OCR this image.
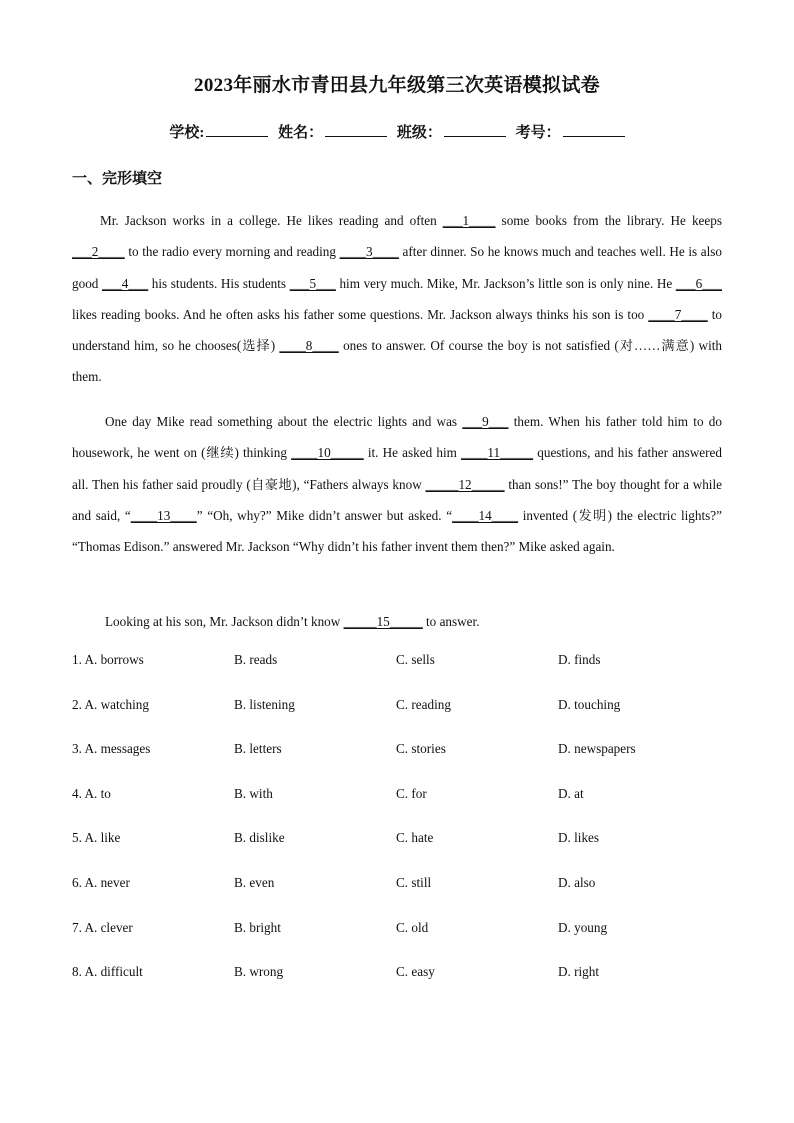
2023年丽水市青田县九年级第三次英语模拟试卷
学校:	姓名：	班级：	考号：
一、完形填空
Mr. Jackson works in a college. He likes reading and often ___1____ some books from the library. He keeps ___2____ to the radio every morning and reading ____3____ after dinner. So he knows much and teaches well. He is also good ___4___ his students. His students ___5___ him very much. Mike, Mr. Jackson’s little son is only nine. He ___6___ likes reading books. And he often asks his father some questions. Mr. Jackson always thinks his son is too ____7____ to understand him, so he chooses(选择) ____8____ ones to answer. Of course the boy is not satisfied (对……满意) with them.
One day Mike read something about the electric lights and was ___9___ them. When his father told him to do housework, he went on (继续) thinking ____10_____ it. He asked him ____11_____ questions, and his father answered all. Then his father said proudly (自豪地), “Fathers always know _____12_____ than sons!” The boy thought for a while and said, “____13____” “Oh, why?” Mike didn’t answer but asked. “____14____ invented (发明) the electric lights?” “Thomas Edison.” answered Mr. Jackson “Why didn’t his father invent them then?” Mike asked again.
Looking at his son, Mr. Jackson didn’t know _____15_____ to answer.
1. A. borrows	B. reads	C. sells	D. finds
2. A. watching	B. listening	C. reading	D. touching
3. A. messages	B. letters	C. stories	D. newspapers
4. A. to	B. with	C. for	D. at
5. A. like	B. dislike	C. hate	D. likes
6. A. never	B. even	C. still	D. also
7. A. clever	B. bright	C. old	D. young
8. A. difficult	B. wrong	C. easy	D. right
